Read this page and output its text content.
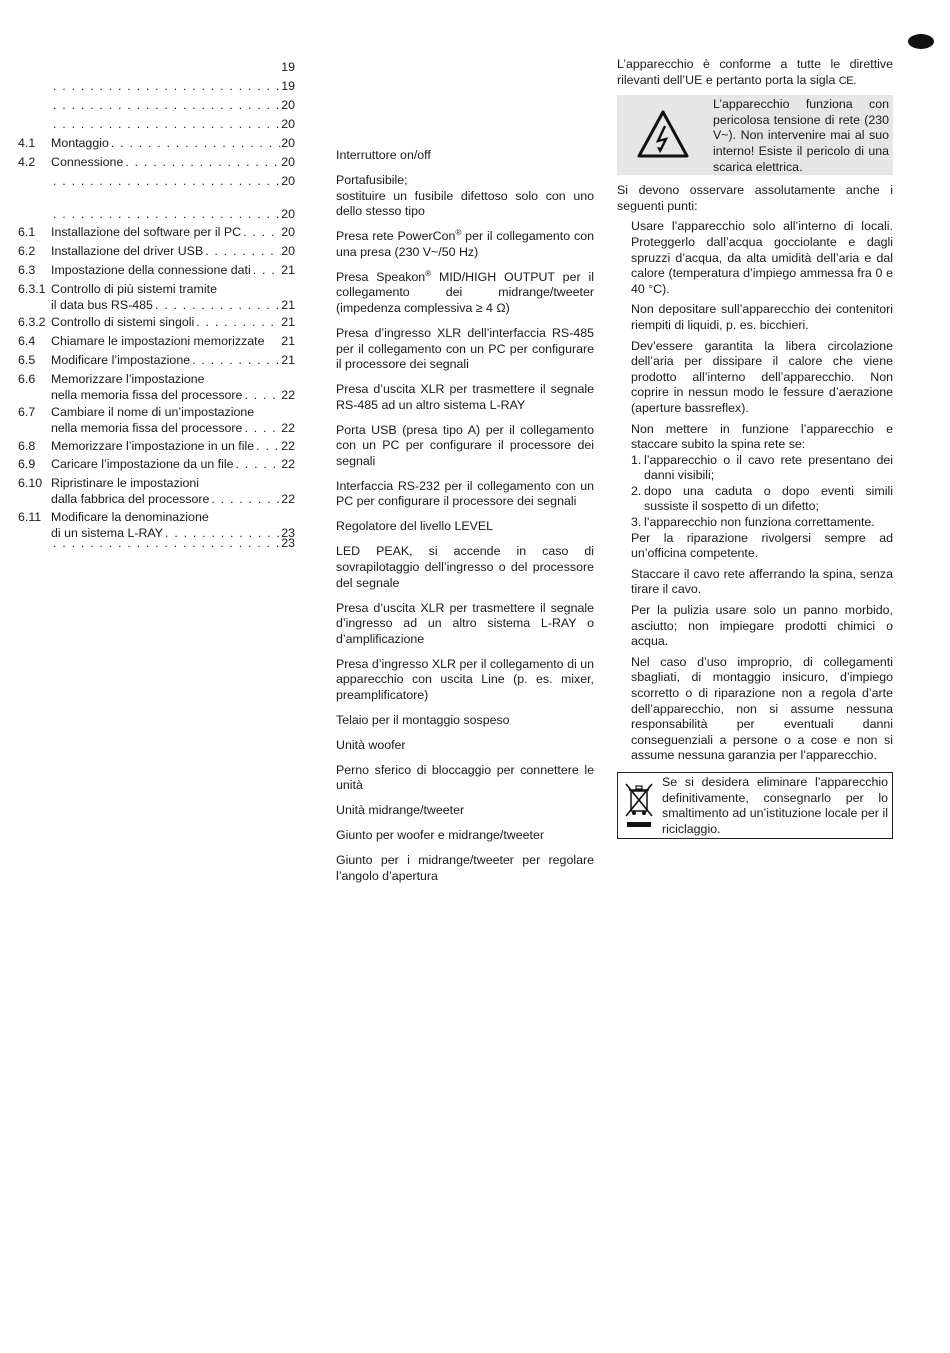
19
. . .
19
. . .
20
. . .
20
4.1	Montaggio . . .	20
4.2	Connessione . . .	20
. . .
20
. . .
20
6.1	Installazione del software per il PC . . .	20
6.2	Installazione del driver USB . . .	20
6.3	Impostazione della connessione dati . . . 21
6.3.1 Controllo di più sistemi tramite
il data bus RS-485 . . .	21
6.3.2 Controllo di sistemi singoli . . .	21
6.4	Chiamare le impostazioni memorizzate 21
6.5	Modificare l’impostazione . . .	21
6.6	Memorizzare l’impostazione
nella memoria fissa del processore . . .	22
6.7	Cambiare il nome di un’impostazione
nella memoria fissa del processore . . .	22
6.8	Memorizzare l’impostazione in un file . . . 22
6.9	Caricare l’impostazione da un file . . .	22
6.10 Ripristinare le impostazioni
dalla fabbrica del processore . . .	22
6.11 Modificare la denominazione
di un sistema L-RAY . . .	23
. . .
23

Interruttore on/off

Portafusibile;
sostituire un fusibile difettoso solo con uno dello stesso tipo

Presa rete PowerCon® per il collegamento con una presa (230 V~/50 Hz)

Presa Speakon® MID/HIGH OUTPUT per il collegamento dei midrange/tweeter (impedenza complessiva ≥ 4 Ω)

Presa d’ingresso XLR dell’interfaccia RS-485 per il collegamento con un PC per configurare il processore dei segnali

Presa d’uscita XLR per trasmettere il segnale RS-485 ad un altro sistema L-RAY

Porta USB (presa tipo A) per il collegamento con un PC per configurare il processore dei segnali

Interfaccia RS-232 per il collegamento con un PC per configurare il processore dei segnali

Regolatore del livello LEVEL

LED PEAK, si accende in caso di sovrapilotaggio dell’ingresso o del processore del segnale

Presa d’uscita XLR per trasmettere il segnale d’ingresso ad un altro sistema L-RAY o d’amplificazione

Presa d’ingresso XLR per il collegamento di un apparecchio con uscita Line (p. es. mixer, preamplificatore)

Telaio per il montaggio sospeso

Unità woofer

Perno sferico di bloccaggio per connettere le unità

Unità midrange/tweeter

Giunto per woofer e midrange/tweeter

Giunto per i midrange/tweeter per regolare l’angolo d’apertura

L’apparecchio è conforme a tutte le direttive rilevanti dell’UE e pertanto porta la sigla CE.

L’apparecchio funziona con pericolosa tensione di rete (230 V~). Non intervenire mai al suo interno! Esiste il pericolo di una scarica elettrica.

Si devono osservare assolutamente anche i seguenti punti:

Usare l’apparecchio solo all’interno di locali. Proteggerlo dall’acqua gocciolante e dagli spruzzi d’acqua, da alta umidità dell’aria e dal calore (temperatura d’impiego ammessa fra 0 e 40 °C).

Non depositare sull’apparecchio dei contenitori riempiti di liquidi, p. es. bicchieri.

Dev’essere garantita la libera circolazione dell’aria per dissipare il calore che viene prodotto all’interno dell’apparecchio. Non coprire in nessun modo le fessure d’aerazione (aperture bassreflex).

Non mettere in funzione l’apparecchio e staccare subito la spina rete se:

1. l’apparecchio o il cavo rete presentano dei danni visibili;
2. dopo una caduta o dopo eventi simili sussiste il sospetto di un difetto;
3. l’apparecchio non funziona correttamente.

Per la riparazione rivolgersi sempre ad un’officina competente.

Staccare il cavo rete afferrando la spina, senza tirare il cavo.

Per la pulizia usare solo un panno morbido, asciutto; non impiegare prodotti chimici o acqua.

Nel caso d’uso improprio, di collegamenti sbagliati, di montaggio insicuro, d’impiego scorretto o di riparazione non a regola d’arte dell’apparecchio, non si assume nessuna responsabilità per eventuali danni conseguenziali a persone o a cose e non si assume nessuna garanzia per l’apparecchio.

Se si desidera eliminare l’apparecchio definitivamente, consegnarlo per lo smaltimento ad un’istituzione locale per il riciclaggio.
